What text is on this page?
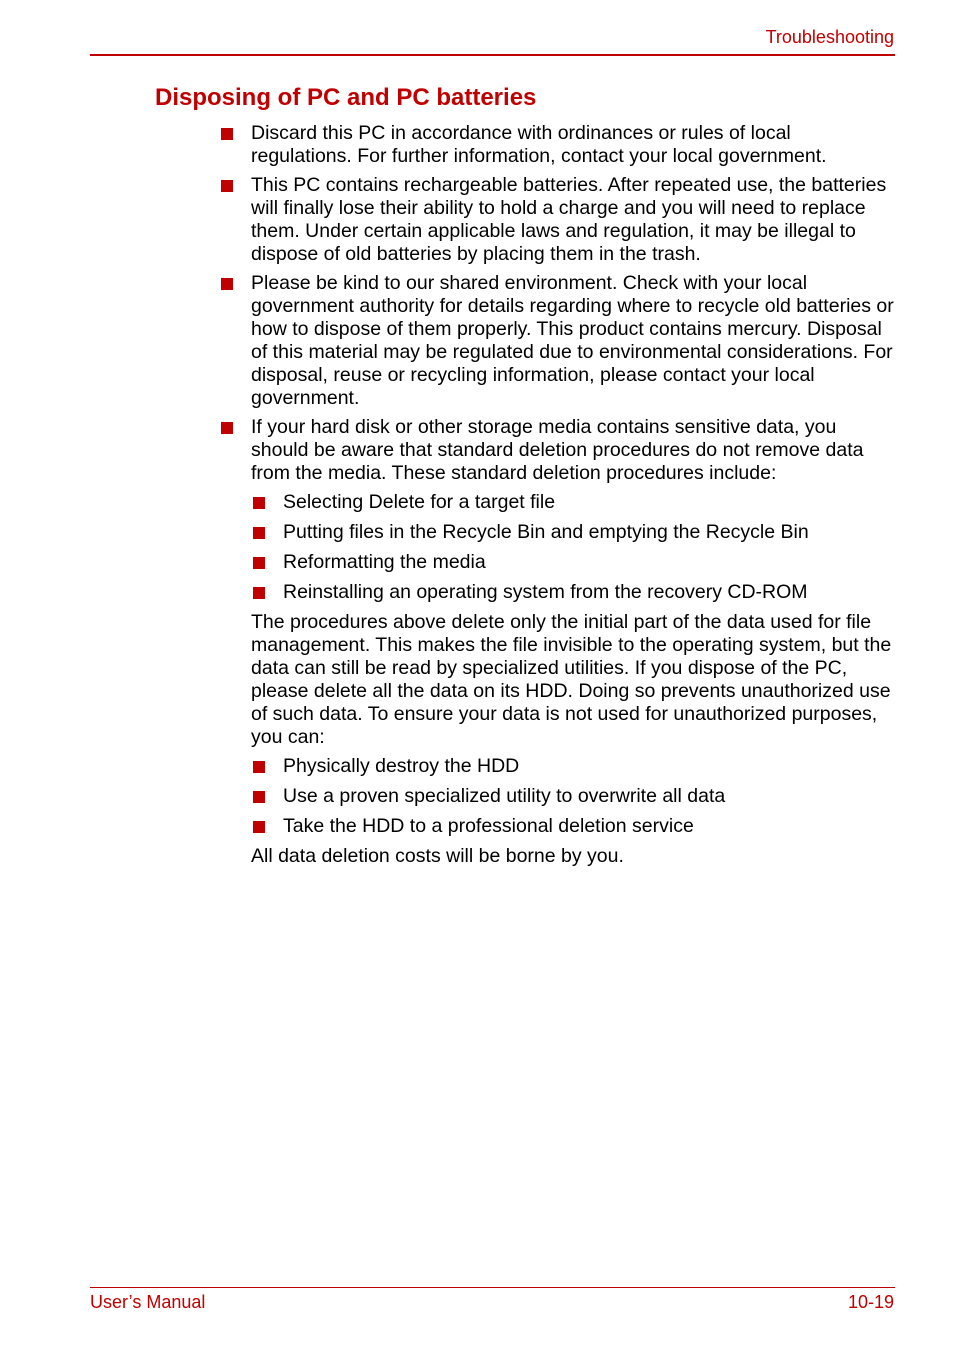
Troubleshooting
Disposing of PC and PC batteries
Discard this PC in accordance with ordinances or rules of local regulations. For further information, contact your local government.
This PC contains rechargeable batteries. After repeated use, the batteries will finally lose their ability to hold a charge and you will need to replace them. Under certain applicable laws and regulation, it may be illegal to dispose of old batteries by placing them in the trash.
Please be kind to our shared environment. Check with your local government authority for details regarding where to recycle old batteries or how to dispose of them properly. This product contains mercury. Disposal of this material may be regulated due to environmental considerations. For disposal, reuse or recycling information, please contact your local government.
If your hard disk or other storage media contains sensitive data, you should be aware that standard deletion procedures do not remove data from the media. These standard deletion procedures include:
Selecting Delete for a target file
Putting files in the Recycle Bin and emptying the Recycle Bin
Reformatting the media
Reinstalling an operating system from the recovery CD-ROM
The procedures above delete only the initial part of the data used for file management. This makes the file invisible to the operating system, but the data can still be read by specialized utilities. If you dispose of the PC, please delete all the data on its HDD. Doing so prevents unauthorized use of such data. To ensure your data is not used for unauthorized purposes, you can:
Physically destroy the HDD
Use a proven specialized utility to overwrite all data
Take the HDD to a professional deletion service
All data deletion costs will be borne by you.
User’s Manual	10-19
